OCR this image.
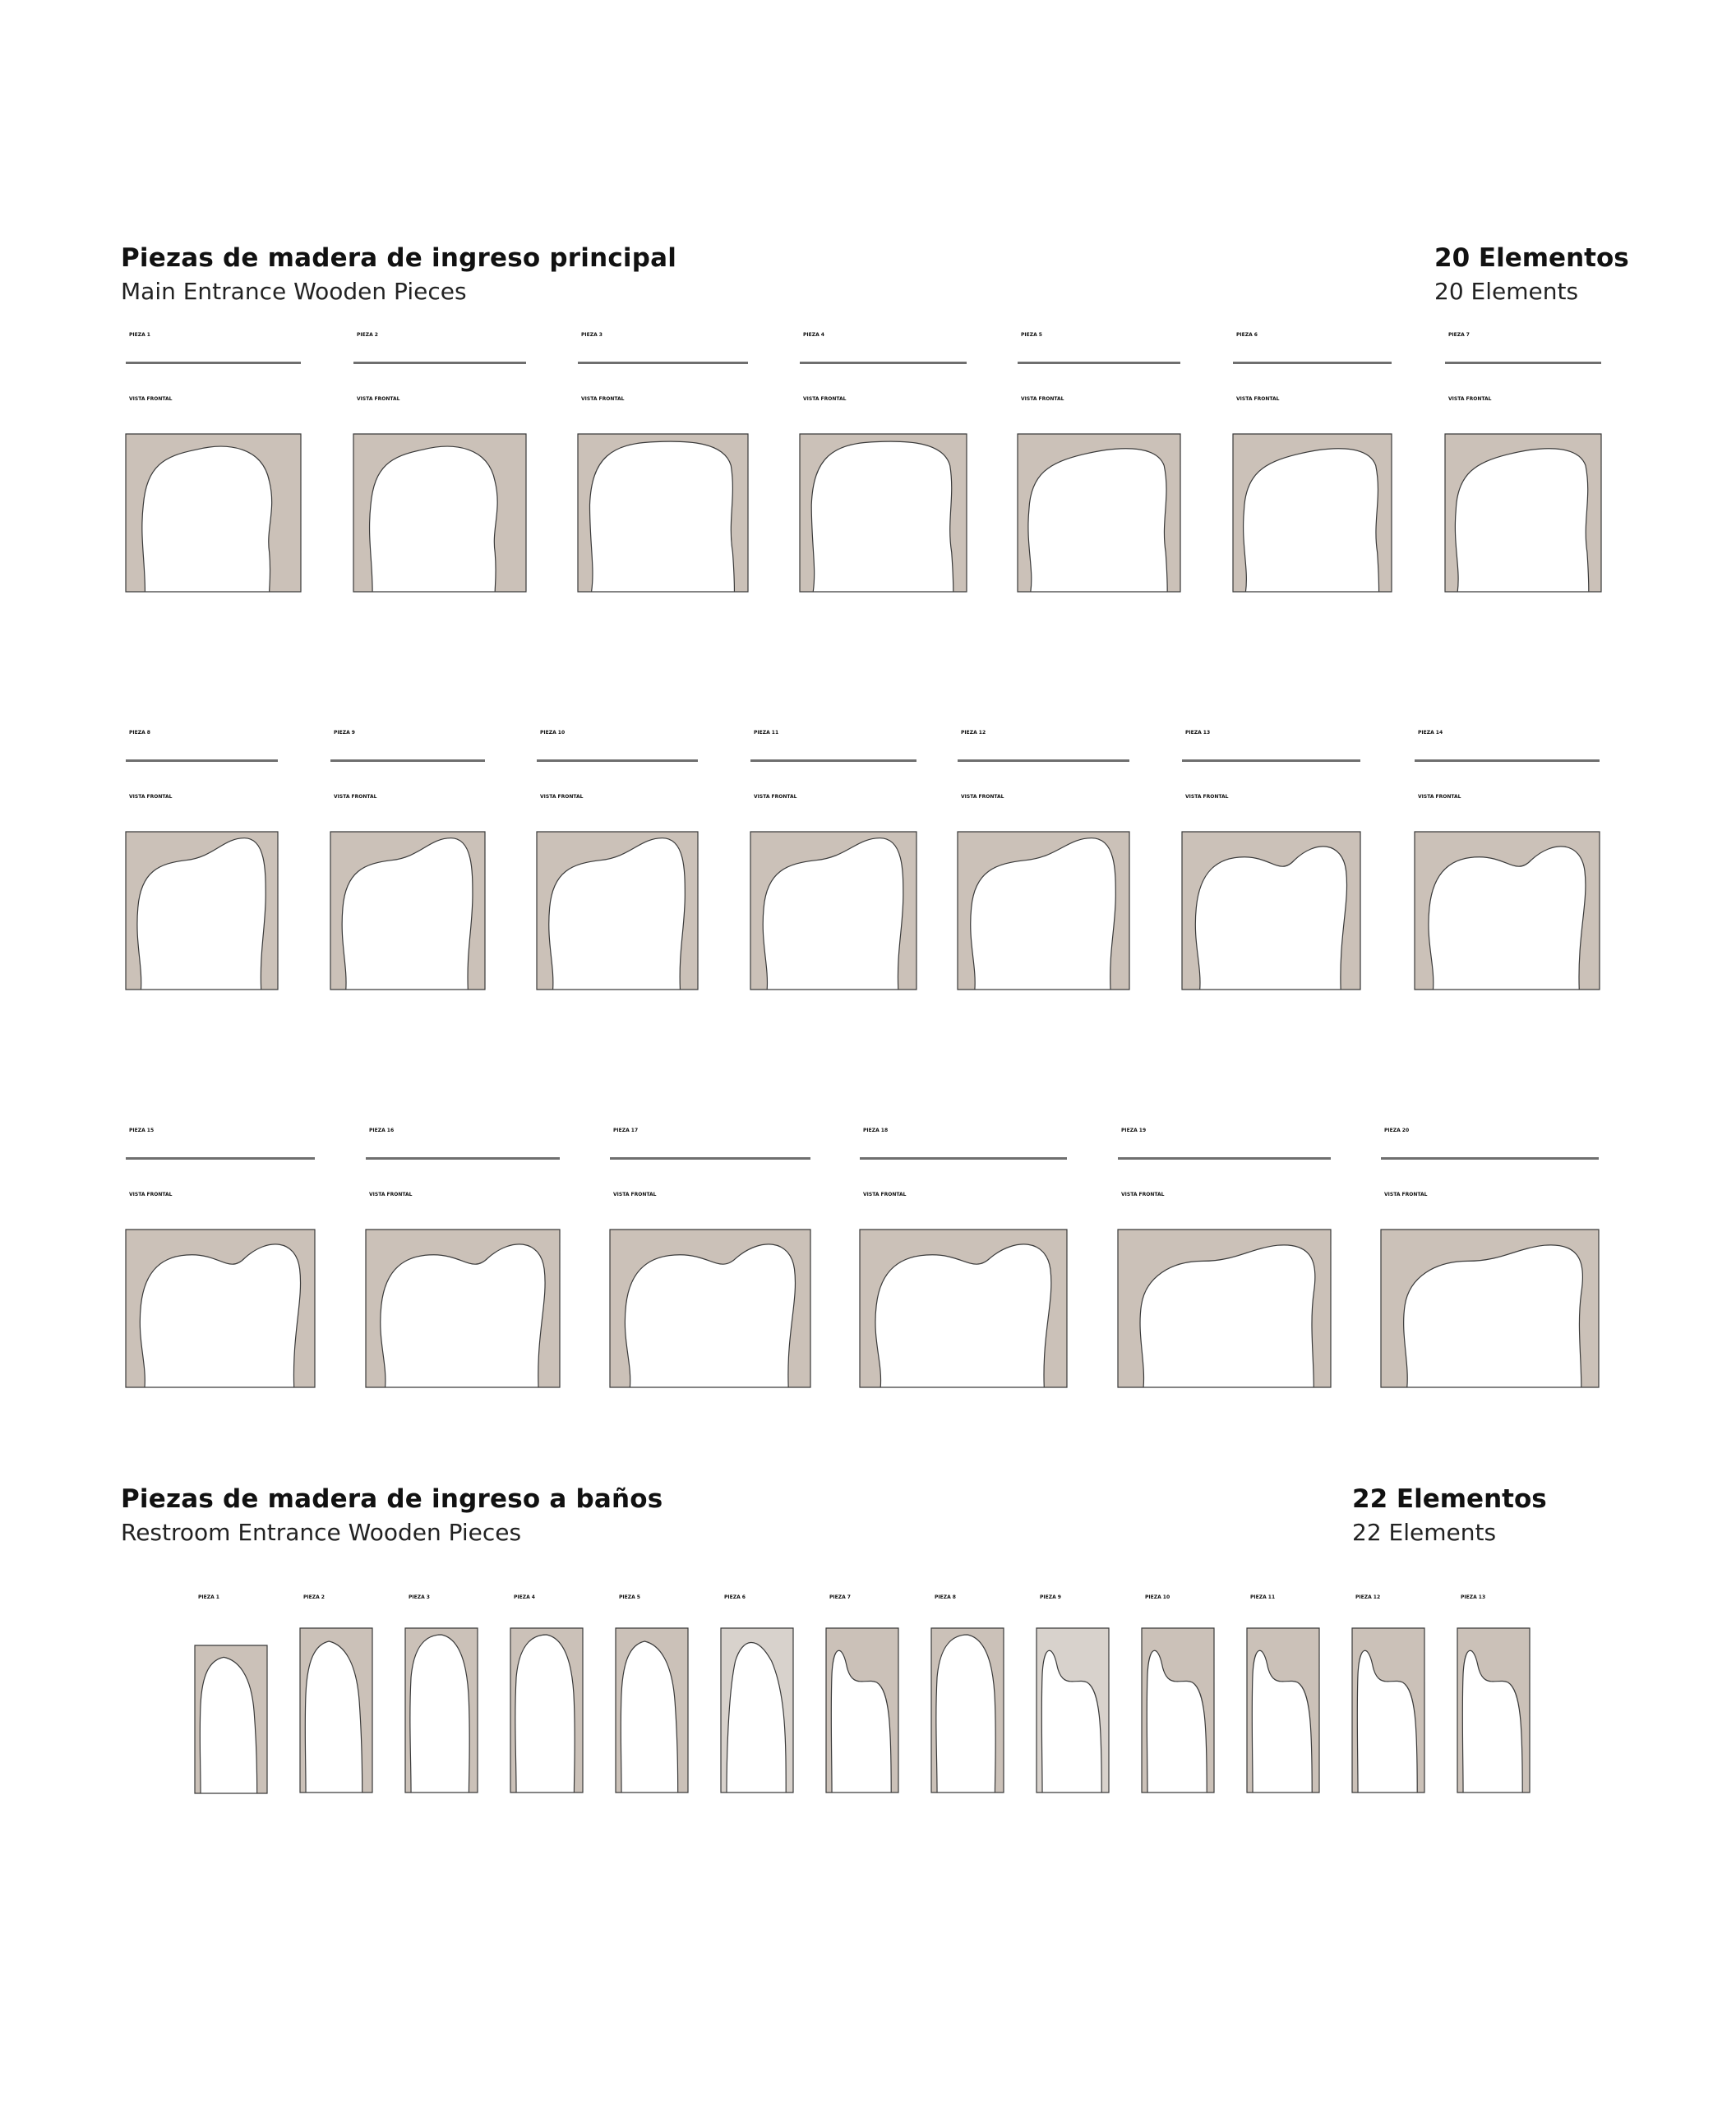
Piezas de madera de ingreso principal
Main Entrance Wooden Pieces
20 Elementos
20 Elements
PIEZA 1
VISTA FRONTAL
PIEZA 2
VISTA FRONTAL
PIEZA 3
VISTA FRONTAL
PIEZA 4
VISTA FRONTAL
PIEZA 5
VISTA FRONTAL
PIEZA 6
VISTA FRONTAL
PIEZA 7
VISTA FRONTAL
PIEZA 8
VISTA FRONTAL
PIEZA 9
VISTA FRONTAL
PIEZA 10
VISTA FRONTAL
PIEZA 11
VISTA FRONTAL
PIEZA 12
VISTA FRONTAL
PIEZA 13
VISTA FRONTAL
PIEZA 14
VISTA FRONTAL
PIEZA 15
VISTA FRONTAL
PIEZA 16
VISTA FRONTAL
PIEZA 17
VISTA FRONTAL
PIEZA 18
VISTA FRONTAL
PIEZA 19
VISTA FRONTAL
PIEZA 20
VISTA FRONTAL
Piezas de madera de ingreso a baños
Restroom Entrance Wooden Pieces
22 Elementos
22 Elements
PIEZA 1	PIEZA 2	PIEZA 3	PIEZA 4	PIEZA 5	PIEZA 6	PIEZA 7	PIEZA 8	PIEZA 9	PIEZA 10	PIEZA 11	PIEZA 12	PIEZA 13
